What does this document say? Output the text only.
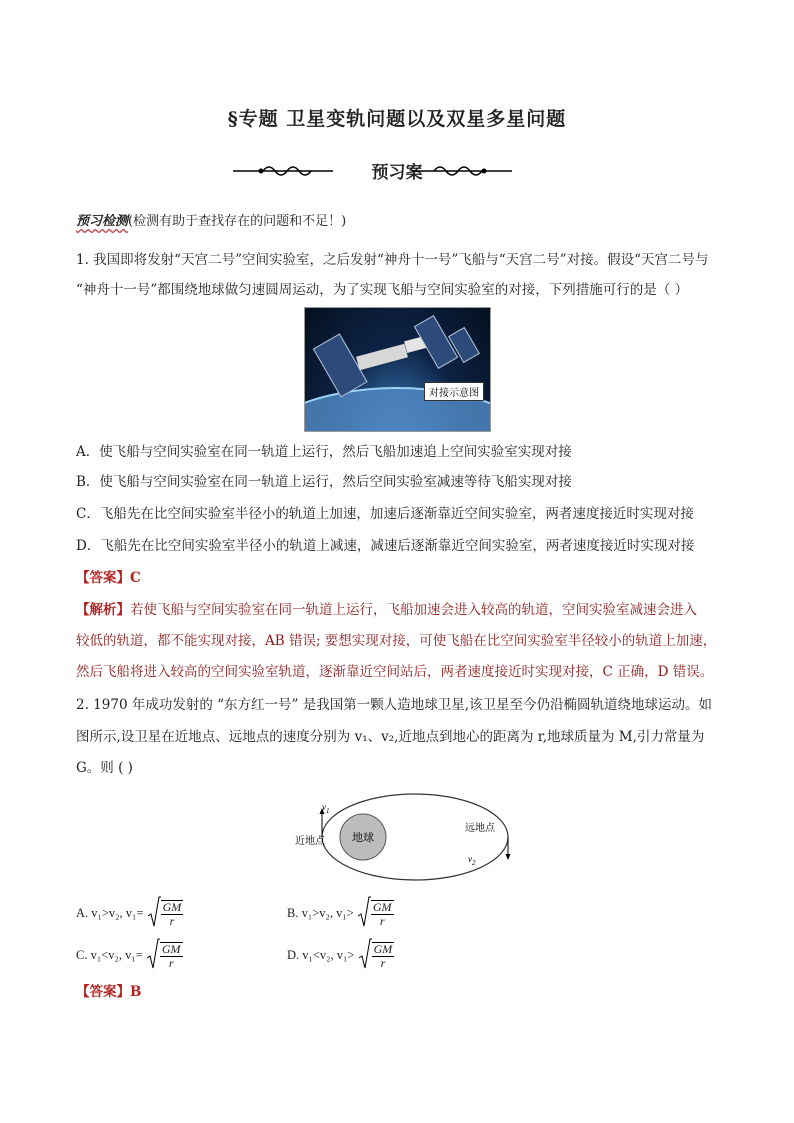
§专题 卫星变轨问题以及双星多星问题
预习案
预习检测(检测有助于查找存在的问题和不足！)
1. 我国即将发射“天宫二号”空间实验室，之后发射“神舟十一号”飞船与“天宫二号”对接。假设“天宫二号与
“神舟十一号”都围绕地球做匀速圆周运动，为了实现飞船与空间实验室的对接，下列措施可行的是（ ）
对接示意图
A．使飞船与空间实验室在同一轨道上运行，然后飞船加速追上空间实验室实现对接
B．使飞船与空间实验室在同一轨道上运行，然后空间实验室减速等待飞船实现对接
C．飞船先在比空间实验室半径小的轨道上加速，加速后逐渐靠近空间实验室，两者速度接近时实现对接
D．飞船先在比空间实验室半径小的轨道上减速，减速后逐渐靠近空间实验室，两者速度接近时实现对接
【答案】C
【解析】若使飞船与空间实验室在同一轨道上运行，飞船加速会进入较高的轨道，空间实验室减速会进入
较低的轨道，都不能实现对接，AB 错误; 要想实现对接，可使飞船在比空间实验室半径较小的轨道上加速，
然后飞船将进入较高的空间实验室轨道，逐渐靠近空间站后，两者速度接近时实现对接，C 正确，D 错误。
2. 1970 年成功发射的 “东方红一号” 是我国第一颗人造地球卫星,该卫星至今仍沿椭圆轨道绕地球运动。如
图所示,设卫星在近地点、远地点的速度分别为 v₁、v₂,近地点到地心的距离为 r,地球质量为 M,引力常量为
G。则 ( )
地球
近地点
远地点
$v_1$
$v_2$
A. v₁>v₂, $v_1= \frac{GM}{r}$	B. v₁>v₂, $v_1> \frac{GM}{r}$
C. v₁<v₂, $v_1= \frac{GM}{r}$	D. v₁<v₂, $v_1> \frac{GM}{r}$
【答案】B
